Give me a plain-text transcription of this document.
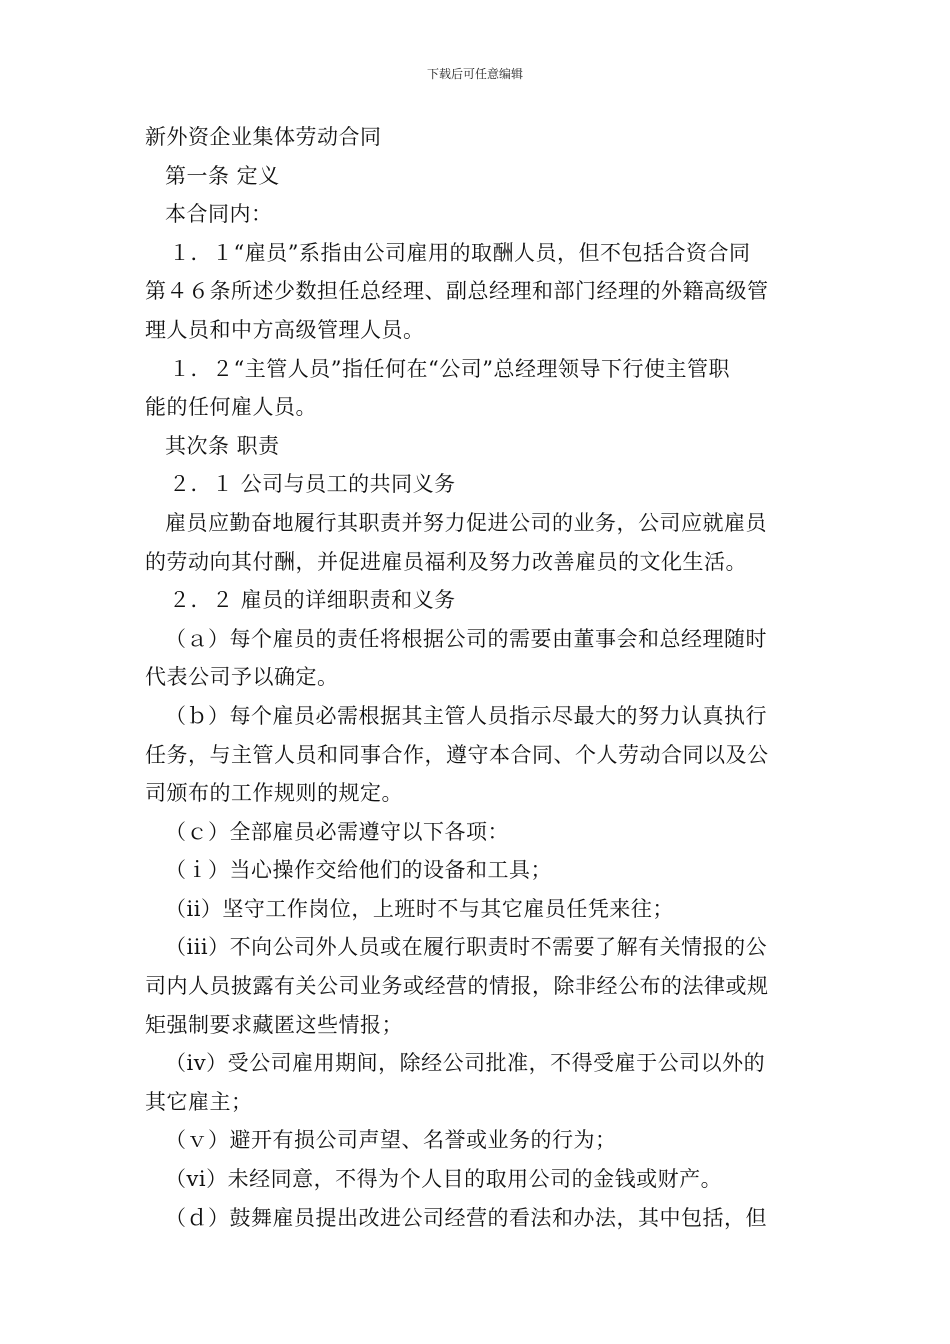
下载后可任意编辑
新外资企业集体劳动合同
第一条 定义
本合同内：
１．１“雇员”系指由公司雇用的取酬人员，但不包括合资合同
第４６条所述少数担任总经理、副总经理和部门经理的外籍高级管
理人员和中方高级管理人员。
１．２“主管人员”指任何在“公司”总经理领导下行使主管职
能的任何雇人员。
其次条 职责
２．１ 公司与员工的共同义务
雇员应勤奋地履行其职责并努力促进公司的业务，公司应就雇员
的劳动向其付酬，并促进雇员福利及努力改善雇员的文化生活。
２．２ 雇员的详细职责和义务
（ａ）每个雇员的责任将根据公司的需要由董事会和总经理随时
代表公司予以确定。
（ｂ）每个雇员必需根据其主管人员指示尽最大的努力认真执行
任务，与主管人员和同事合作，遵守本合同、个人劳动合同以及公
司颁布的工作规则的规定。
（ｃ）全部雇员必需遵守以下各项：
（ｉ）当心操作交给他们的设备和工具；
（ii）坚守工作岗位，上班时不与其它雇员任凭来往；
（iii）不向公司外人员或在履行职责时不需要了解有关情报的公
司内人员披露有关公司业务或经营的情报，除非经公布的法律或规
矩强制要求藏匿这些情报；
（iv）受公司雇用期间，除经公司批准，不得受雇于公司以外的
其它雇主；
（ｖ）避开有损公司声望、名誉或业务的行为；
（vi）未经同意，不得为个人目的取用公司的金钱或财产。
（ｄ）鼓舞雇员提出改进公司经营的看法和办法，其中包括，但
